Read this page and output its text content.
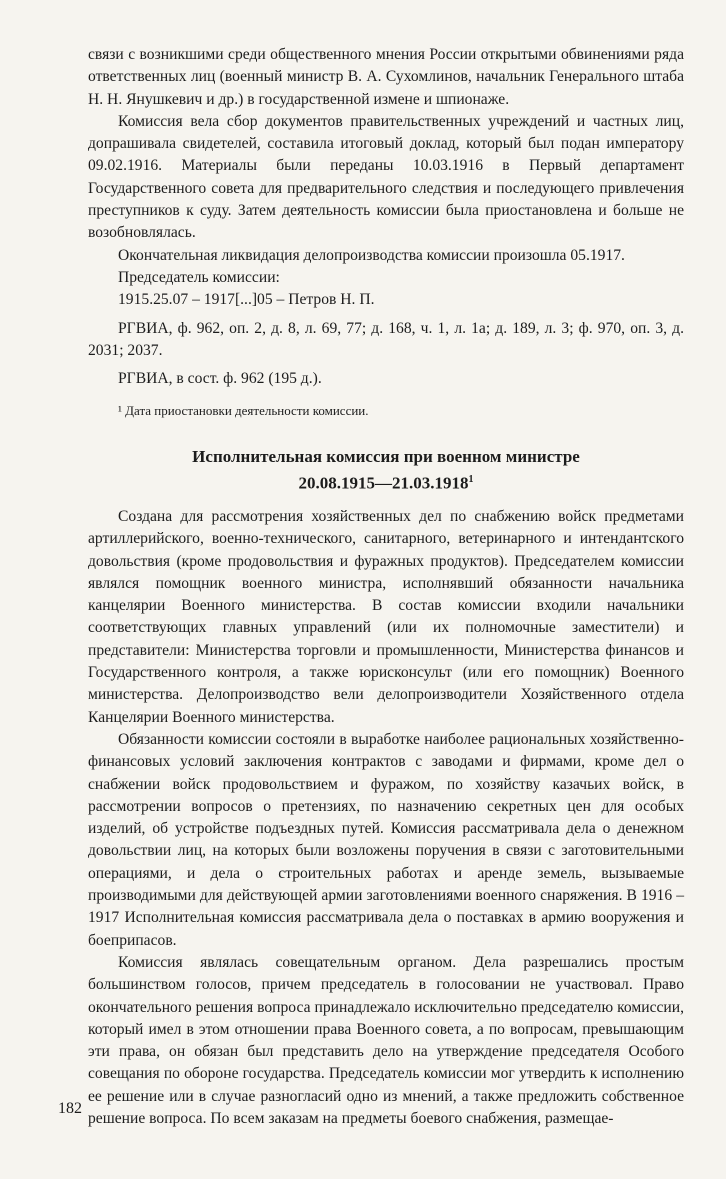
связи с возникшими среди общественного мнения России открытыми обвинениями ряда ответственных лиц (военный министр В. А. Сухомлинов, начальник Генерального штаба Н. Н. Янушкевич и др.) в государственной измене и шпионаже.

Комиссия вела сбор документов правительственных учреждений и частных лиц, допрашивала свидетелей, составила итоговый доклад, который был подан императору 09.02.1916. Материалы были переданы 10.03.1916 в Первый департамент Государственного совета для предварительного следствия и последующего привлечения преступников к суду. Затем деятельность комиссии была приостановлена и больше не возобновлялась.

Окончательная ликвидация делопроизводства комиссии произошла 05.1917.

Председатель комиссии:

1915.25.07 – 1917[...]05 – Петров Н. П.

РГВИА, ф. 962, оп. 2, д. 8, л. 69, 77; д. 168, ч. 1, л. 1а; д. 189, л. 3; ф. 970, оп. 3, д. 2031; 2037.

РГВИА, в сост. ф. 962 (195 д.).

¹ Дата приостановки деятельности комиссии.

Исполнительная комиссия при военном министре
20.08.1915—21.03.1918$^1$

Создана для рассмотрения хозяйственных дел по снабжению войск предметами артиллерийского, военно-технического, санитарного, ветеринарного и интендантского довольствия (кроме продовольствия и фуражных продуктов). Председателем комиссии являлся помощник военного министра, исполнявший обязанности начальника канцелярии Военного министерства. В состав комиссии входили начальники соответствующих главных управлений (или их полномочные заместители) и представители: Министерства торговли и промышленности, Министерства финансов и Государственного контроля, а также юрисконсульт (или его помощник) Военного министерства. Делопроизводство вели делопроизводители Хозяйственного отдела Канцелярии Военного министерства.

Обязанности комиссии состояли в выработке наиболее рациональных хозяйственно-финансовых условий заключения контрактов с заводами и фирмами, кроме дел о снабжении войск продовольствием и фуражом, по хозяйству казачьих войск, в рассмотрении вопросов о претензиях, по назначению секретных цен для особых изделий, об устройстве подъездных путей. Комиссия рассматривала дела о денежном довольствии лиц, на которых были возложены поручения в связи с заготовительными операциями, и дела о строительных работах и аренде земель, вызываемые производимыми для действующей армии заготовлениями военного снаряжения. В 1916 – 1917 Исполнительная комиссия рассматривала дела о поставках в армию вооружения и боеприпасов.

Комиссия являлась совещательным органом. Дела разрешались простым большинством голосов, причем председатель в голосовании не участвовал. Право окончательного решения вопроса принадлежало исключительно председателю комиссии, который имел в этом отношении права Военного совета, а по вопросам, превышающим эти права, он обязан был представить дело на утверждение председателя Особого совещания по обороне государства. Председатель комиссии мог утвердить к исполнению ее решение или в случае разногласий одно из мнений, а также предложить собственное решение вопроса. По всем заказам на предметы боевого снабжения, размещае-

182
